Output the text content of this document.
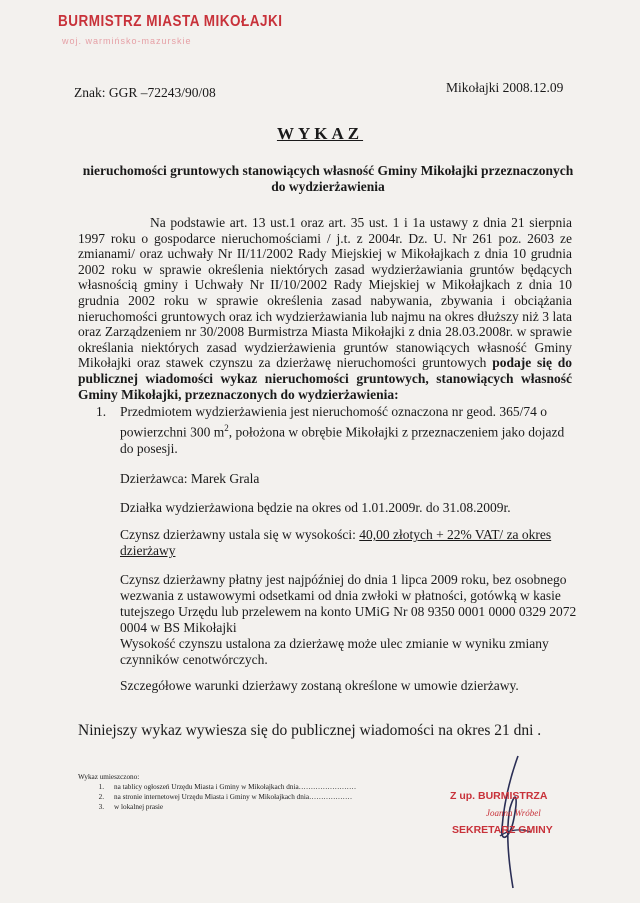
BURMISTRZ MIASTA MIKOŁAJKI
woj. warmińsko-mazurskie
Znak: GGR –72243/90/08	Mikołajki 2008.12.09
WYKAZ
nieruchomości gruntowych stanowiących własność Gminy Mikołajki przeznaczonych do wydzierżawienia
Na podstawie art. 13 ust.1 oraz art. 35 ust. 1 i 1a ustawy z dnia 21 sierpnia 1997 roku o gospodarce nieruchomościami / j.t. z 2004r. Dz. U. Nr 261 poz. 2603 ze zmianami/ oraz uchwały Nr II/11/2002 Rady Miejskiej w Mikołajkach z dnia 10 grudnia 2002 roku w sprawie określenia niektórych zasad wydzierżawiania gruntów będących własnością gminy i Uchwały Nr II/10/2002 Rady Miejskiej w Mikołajkach z dnia 10 grudnia 2002 roku w sprawie określenia zasad nabywania, zbywania i obciążania nieruchomości gruntowych oraz ich wydzierżawiania lub najmu na okres dłuższy niż 3 lata oraz Zarządzeniem nr 30/2008 Burmistrza Miasta Mikołajki z dnia 28.03.2008r. w sprawie określania niektórych zasad wydzierżawienia gruntów stanowiących własność Gminy Mikołajki oraz stawek czynszu za dzierżawę nieruchomości gruntowych podaje się do publicznej wiadomości wykaz nieruchomości gruntowych, stanowiących własność Gminy Mikołajki, przeznaczonych do wydzierżawienia:
1. Przedmiotem wydzierżawienia jest nieruchomość oznaczona nr geod. 365/74 o powierzchni 300 $m^2$, położona w obrębie Mikołajki z przeznaczeniem jako dojazd do posesji.
Dzierżawca: Marek Grala
Działka wydzierżawiona będzie na okres od 1.01.2009r. do 31.08.2009r.
Czynsz dzierżawny ustala się w wysokości: 40,00 złotych + 22% VAT/ za okres dzierżawy
Czynsz dzierżawny płatny jest najpóźniej do dnia 1 lipca 2009 roku, bez osobnego wezwania z ustawowymi odsetkami od dnia zwłoki w płatności, gotówką w kasie tutejszego Urzędu lub przelewem na konto UMiG Nr 08 9350 0001 0000 0329 2072 0004 w BS Mikołajki
Wysokość czynszu ustalona za dzierżawę może ulec zmianie w wyniku zmiany czynników cenotwórczych.
Szczegółowe warunki dzierżawy zostaną określone w umowie dzierżawy.
Niniejszy wykaz wywiesza się do publicznej wiadomości na okres 21 dni .
Wykaz umieszczono:
1.	na tablicy ogłoszeń Urzędu Miasta i Gminy w Mikołajkach dnia……………………
2.	na stronie internetowej Urzędu Miasta i Gminy w Mikołajkach dnia………………
3.	w lokalnej prasie
Z up. BURMISTRZA
Joanna Wróbel
SEKRETARZ GMINY
